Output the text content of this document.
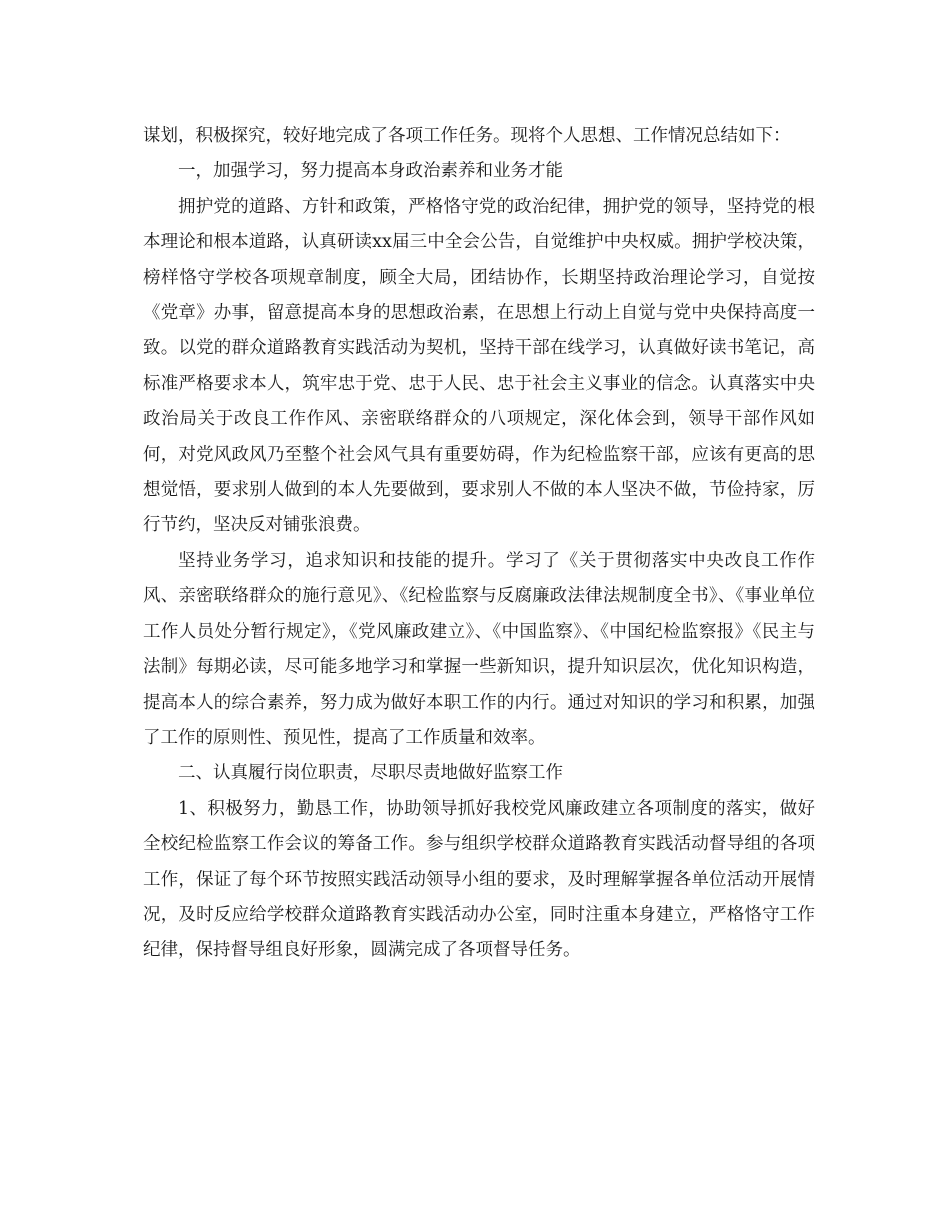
谋划，积极探究，较好地完成了各项工作任务。现将个人思想、工作情况总结如下：

一，加强学习，努力提高本身政治素养和业务才能

拥护党的道路、方针和政策，严格恪守党的政治纪律，拥护党的领导，坚持党的根本理论和根本道路，认真研读xx届三中全会公告，自觉维护中央权威。拥护学校决策，榜样恪守学校各项规章制度，顾全大局，团结协作，长期坚持政治理论学习，自觉按《党章》办事，留意提高本身的思想政治素，在思想上行动上自觉与党中央保持高度一致。以党的群众道路教育实践活动为契机，坚持干部在线学习，认真做好读书笔记，高标准严格要求本人，筑牢忠于党、忠于人民、忠于社会主义事业的信念。认真落实中央政治局关于改良工作作风、亲密联络群众的八项规定，深化体会到，领导干部作风如何，对党风政风乃至整个社会风气具有重要妨碍，作为纪检监察干部，应该有更高的思想觉悟，要求别人做到的本人先要做到，要求别人不做的本人坚决不做，节俭持家，厉行节约，坚决反对铺张浪费。

坚持业务学习，追求知识和技能的提升。学习了《关于贯彻落实中央改良工作作风、亲密联络群众的施行意见》、《纪检监察与反腐廉政法律法规制度全书》、《事业单位工作人员处分暂行规定》，《党风廉政建立》、《中国监察》、《中国纪检监察报》《民主与法制》每期必读，尽可能多地学习和掌握一些新知识，提升知识层次，优化知识构造，提高本人的综合素养，努力成为做好本职工作的内行。通过对知识的学习和积累，加强了工作的原则性、预见性，提高了工作质量和效率。

二、认真履行岗位职责，尽职尽责地做好监察工作

1、积极努力，勤恳工作，协助领导抓好我校党风廉政建立各项制度的落实，做好全校纪检监察工作会议的筹备工作。参与组织学校群众道路教育实践活动督导组的各项工作，保证了每个环节按照实践活动领导小组的要求，及时理解掌握各单位活动开展情况，及时反应给学校群众道路教育实践活动办公室，同时注重本身建立，严格恪守工作纪律，保持督导组良好形象，圆满完成了各项督导任务。
